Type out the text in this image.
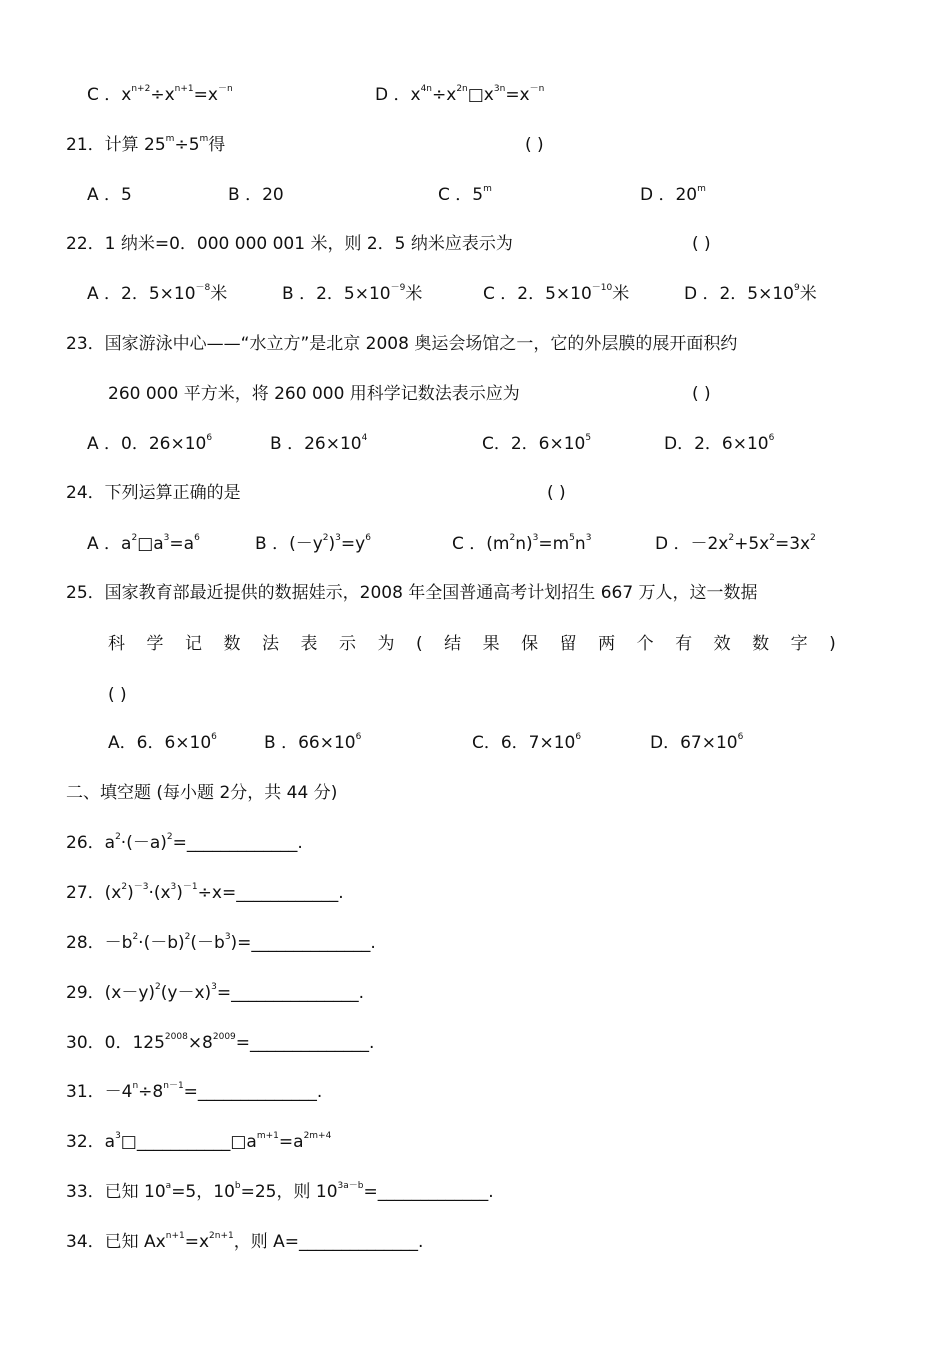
C ．$x^{n+2}\div x^{n+1}=x^{-n}$	D ．$x^{4n}\div x^{2n}□x^{3n}=x^{-n}$
21．计算 $25^m\div 5^m$得	( )
A ．5	B ．20	C ．5$^m$	D ．20$^m$
22．1 纳米=0．000 000 001 米，则 2．5 纳米应表示为	( )
A ．2．$5\times 10^{-8}$米	B ．2．$5\times 10^{-9}$米	C ．2．$5\times 10^{-10}$米	D ．2．$5\times 10^9$米
23．国家游泳中心——“水立方”是北京 2008 奥运会场馆之一，它的外层膜的展开面积约
260 000 平方米，将 260 000 用科学记数法表示应为	( )
A ．0．$26\times 10^6$	B ．$26\times 10^4$	C．2．$6\times 10^5$	D．2．$6\times 10^6$
24．下列运算正确的是	( )
A ．$a^2□a^3=a^6$	B ．$(-y^2)^3=y^6$	C ．$(m^2n)^3=m^5n^3$	D ．$-2x^2+5x^2=3x^2$
25．国家教育部最近提供的数据娃示，2008 年全国普通高考计划招生 667 万人，这一数据
科学记数法表示为(结果保留两个有效数字)
( )
A．6．$6\times 10^6$	B ．$66\times 10^6$	C．6．$7\times 10^6$	D．$67\times 10^6$
二、填空题 (每小题 2分，共 44 分)
26．$a^2\cdot(-a)^2=\_\_\_\_\_\_\_\_\_\_\_\_\_$.
27．$(x^2)^{-3}\cdot(x^3)^{-1}\div x=\_\_\_\_\_\_\_\_\_\_\_\_$.
28．$-b^2\cdot(-b)^2(-b^3)=\_\_\_\_\_\_\_\_\_\_\_\_\_\_$.
29．$(x-y)^2(y-x)^3=\_\_\_\_\_\_\_\_\_\_\_\_\_\_\_$.
30．0．$125^{2008}\times 8^{2009}=\_\_\_\_\_\_\_\_\_\_\_\_\_\_$.
31．$-4^n\div 8^{n-1}=\_\_\_\_\_\_\_\_\_\_\_\_\_\_$.
32．$a^3□\_\_\_\_\_\_\_\_\_\_\_□a^{m+1}=a^{2m+4}$
33．已知 $10^a=5$，$10^b=25$，则 $10^{3a-b}=\_\_\_\_\_\_\_\_\_\_\_\_\_$.
34．已知 $Ax^{n+1}=x^{2n+1}$，则 A=______________.
